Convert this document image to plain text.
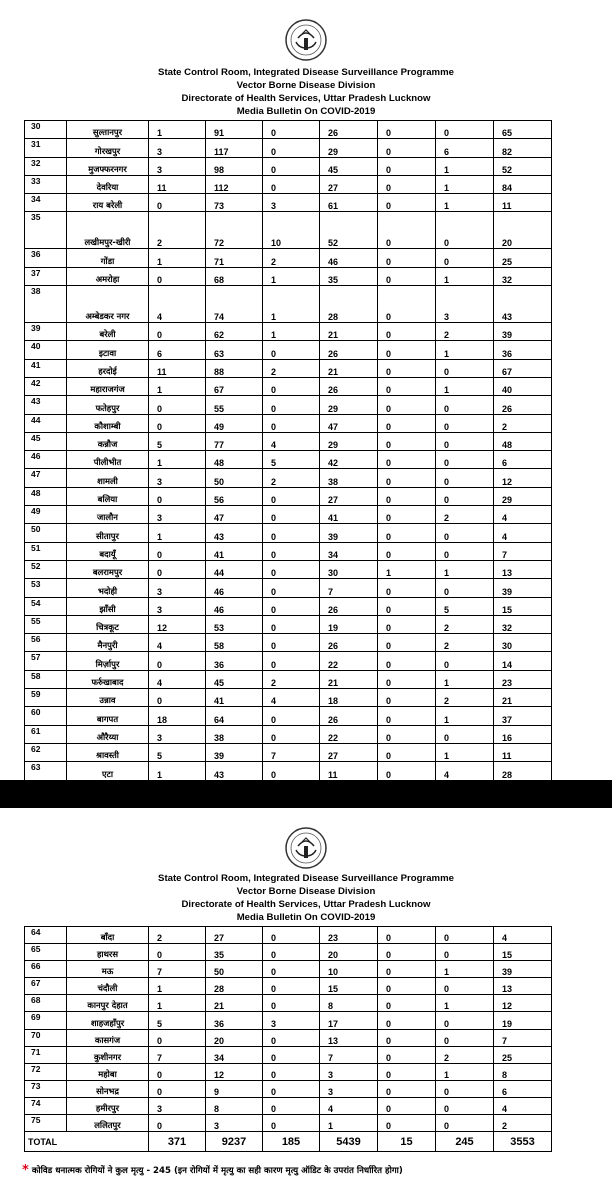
State Control Room, Integrated Disease Surveillance Programme
Vector Borne Disease Division
Directorate of Health Services, Uttar Pradesh Lucknow
Media Bulletin On COVID-2019
30	सुल्तानपुर	1	91	0	26	0	0	65
31	गोरखपुर	3	117	0	29	0	6	82
32	मुजफ्फरनगर	3	98	0	45	0	1	52
33	देवरिया	11	112	0	27	0	1	84
34	राय बरेली	0	73	3	61	0	1	11
35	लखीमपुर-खीरी	2	72	10	52	0	0	20
36	गोंडा	1	71	2	46	0	0	25
37	अमरोहा	0	68	1	35	0	1	32
38	अम्बेडकर नगर	4	74	1	28	0	3	43
39	बरेली	0	62	1	21	0	2	39
40	इटावा	6	63	0	26	0	1	36
41	हरदोई	11	88	2	21	0	0	67
42	महाराजगंज	1	67	0	26	0	1	40
43	फतेहपुर	0	55	0	29	0	0	26
44	कौशाम्बी	0	49	0	47	0	0	2
45	कन्नौज	5	77	4	29	0	0	48
46	पीलीभीत	1	48	5	42	0	0	6
47	शामली	3	50	2	38	0	0	12
48	बलिया	0	56	0	27	0	0	29
49	जालौन	3	47	0	41	0	2	4
50	सीतापुर	1	43	0	39	0	0	4
51	बदायूँ	0	41	0	34	0	0	7
52	बलरामपुर	0	44	0	30	1	1	13
53	भदोही	3	46	0	7	0	0	39
54	झाँसी	3	46	0	26	0	5	15
55	चित्रकूट	12	53	0	19	0	2	32
56	मैनपुरी	4	58	0	26	0	2	30
57	मिर्ज़ापुर	0	36	0	22	0	0	14
58	फर्रुखाबाद	4	45	2	21	0	1	23
59	उन्नाव	0	41	4	18	0	2	21
60	बागपत	18	64	0	26	0	1	37
61	औरैय्या	3	38	0	22	0	0	16
62	श्रावस्ती	5	39	7	27	0	1	11
63	एटा	1	43	0	11	0	4	28
State Control Room, Integrated Disease Surveillance Programme
Vector Borne Disease Division
Directorate of Health Services, Uttar Pradesh Lucknow
Media Bulletin On COVID-2019
64	बाँदा	2	27	0	23	0	0	4
65	हाथरस	0	35	0	20	0	0	15
66	मऊ	7	50	0	10	0	1	39
67	चंदौली	1	28	0	15	0	0	13
68	कानपुर देहात	1	21	0	8	0	1	12
69	शाहजहाँपुर	5	36	3	17	0	0	19
70	कासगंज	0	20	0	13	0	0	7
71	कुशीनगर	7	34	0	7	0	2	25
72	महोबा	0	12	0	3	0	1	8
73	सोनभद्र	0	9	0	3	0	0	6
74	हमीरपुर	3	8	0	4	0	0	4
75	ललितपुर	0	3	0	1	0	0	2
TOTAL		371	9237	185	5439	15	245	3553
* कोविड धनात्मक रोगियों ने कुल मृत्यु - 245 (इन रोगियों में मृत्यु का सही कारण मृत्यु ऑडिट के उपरांत निर्धारित होगा)
